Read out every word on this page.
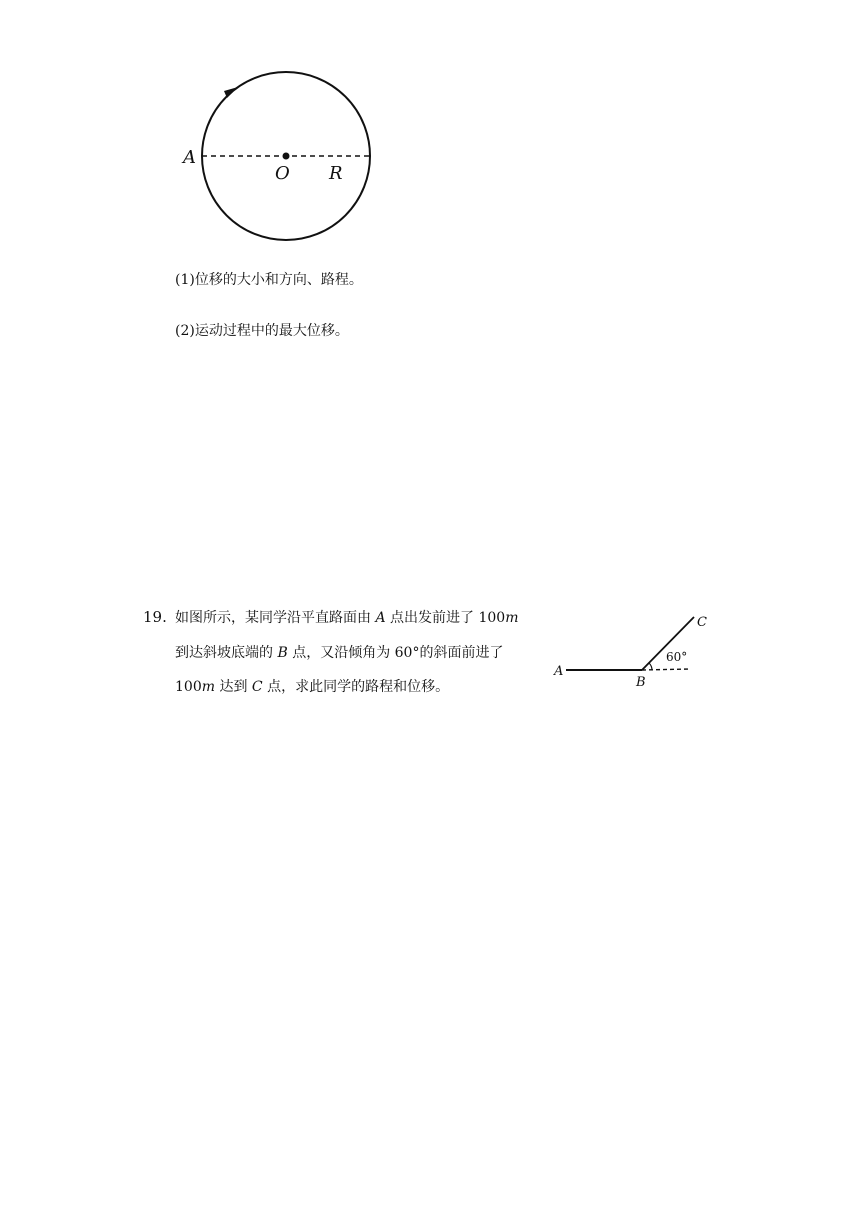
A
O R
(1)位移的大小和方向、路程。
(2)运动过程中的最大位移。
19. 如图所示，某同学沿平直路面由 A 点出发前进了 100m
到达斜坡底端的 B 点，又沿倾角为 60°的斜面前进了
100m 达到 C 点，求此同学的路程和位移。
A
B
C
60°
